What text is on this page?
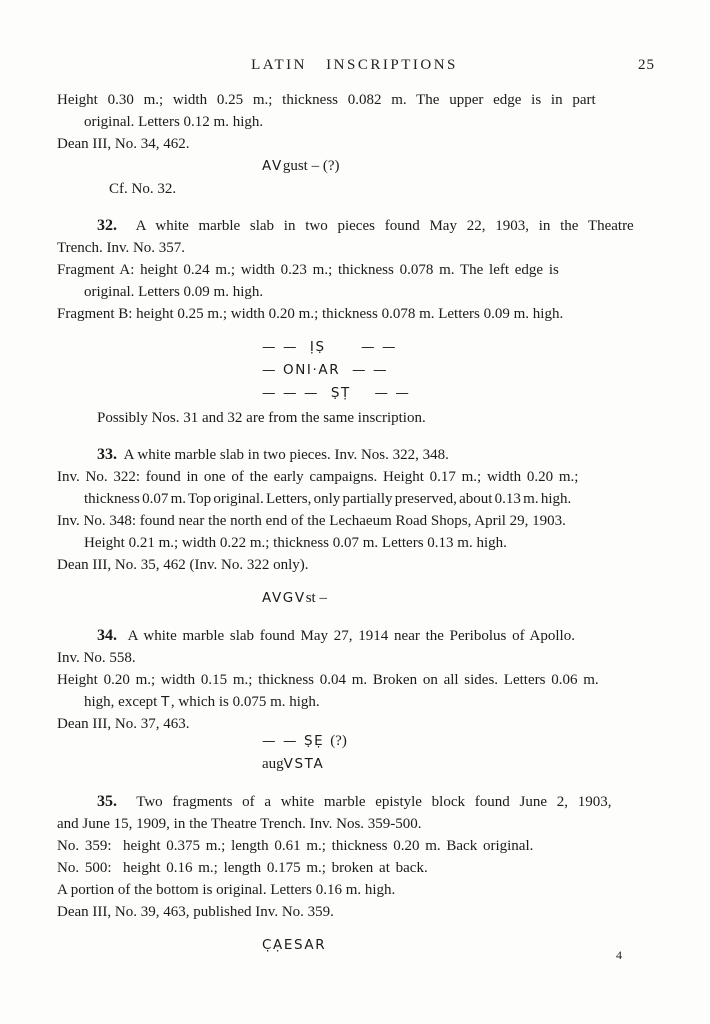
LATIN INSCRIPTIONS	25
Height 0.30 m.; width 0.25 m.; thickness 0.082 m. The upper edge is in part
original. Letters 0.12 m. high.
Dean III, No. 34, 462.
AVgust – (?)
Cf. No. 32.
32.  A white marble slab in two pieces found May 22, 1903, in the Theatre
Trench. Inv. No. 357.
Fragment A: height 0.24 m.; width 0.23 m.; thickness 0.078 m. The left edge is
original. Letters 0.09 m. high.
Fragment B: height 0.25 m.; width 0.20 m.; thickness 0.078 m. Letters 0.09 m. high.
— —  ỊṢ      — —
— ONI·AR  — —
— — —  ṢṬ    — —
Possibly Nos. 31 and 32 are from the same inscription.
33.  A white marble slab in two pieces. Inv. Nos. 322, 348.
Inv. No. 322: found in one of the early campaigns. Height 0.17 m.; width 0.20 m.;
thickness 0.07 m. Top original. Letters, only partially preserved, about 0.13 m. high.
Inv. No. 348: found near the north end of the Lechaeum Road Shops, April 29, 1903.
Height 0.21 m.; width 0.22 m.; thickness 0.07 m. Letters 0.13 m. high.
Dean III, No. 35, 462 (Inv. No. 322 only).
AVGVst –
34.  A white marble slab found May 27, 1914 near the Peribolus of Apollo.
Inv. No. 558.
Height 0.20 m.; width 0.15 m.; thickness 0.04 m. Broken on all sides. Letters 0.06 m.
high, except T, which is 0.075 m. high.
Dean III, No. 37, 463.
— — ṢẸ (?)
augVSTA
35.  Two fragments of a white marble epistyle block found June 2, 1903,
and June 15, 1909, in the Theatre Trench. Inv. Nos. 359-500.
No. 359:  height 0.375 m.; length 0.61 m.; thickness 0.20 m. Back original.
No. 500:  height 0.16 m.; length 0.175 m.; broken at back.
A portion of the bottom is original. Letters 0.16 m. high.
Dean III, No. 39, 463, published Inv. No. 359.
C̣ẠESAR
4
